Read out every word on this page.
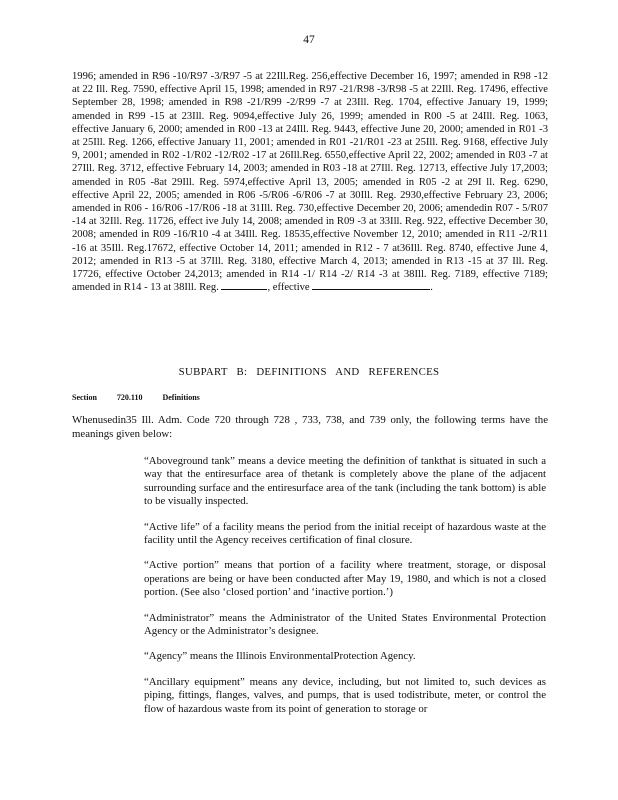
47
1996; amended in R96 -10/R97 -3/R97 -5 at 22Ill.Reg. 256,effective December 16, 1997; amended in R98 -12 at 22 Ill. Reg. 7590, effective April 15, 1998; amended in R97 -21/R98 -3/R98 -5 at 22Ill. Reg. 17496, effective September 28, 1998; amended in R98 -21/R99 -2/R99 -7 at 23Ill. Reg. 1704, effective January 19, 1999; amended in R99 -15 at 23Ill. Reg. 9094,effective July 26, 1999; amended in R00 -5 at 24Ill. Reg. 1063, effective January 6, 2000; amended in R00 -13 at 24Ill. Reg. 9443, effective June 20, 2000; amended in R01 -3 at 25Ill. Reg. 1266, effective January 11, 2001; amended in R01 -21/R01 -23 at 25Ill. Reg. 9168, effective July 9, 2001; amended in R02 -1/R02 -12/R02 -17 at 26Ill.Reg. 6550,effective April 22, 2002; amended in R03 -7 at 27Ill. Reg. 3712, effective February 14, 2003; amended in R03 -18 at 27Ill. Reg. 12713, effective July 17,2003; amended in R05 -8at 29Ill. Reg. 5974,effective April 13, 2005; amended in R05 -2 at 29I ll. Reg. 6290, effective April 22, 2005; amended in R06 -5/R06 -6/R06 -7 at 30Ill. Reg. 2930,effective February 23, 2006; amended in R06 - 16/R06 -17/R06 -18 at 31Ill. Reg. 730,effective December 20, 2006; amendedin R07 - 5/R07 -14 at 32Ill. Reg. 11726, effect ive July 14, 2008; amended in R09 -3 at 33Ill. Reg. 922, effective December 30, 2008; amended in R09 -16/R10 -4 at 34Ill. Reg. 18535,effective November 12, 2010; amended in R11 -2/R11 -16 at 35Ill. Reg.17672, effective October 14, 2011; amended in R12 - 7 at36Ill. Reg. 8740, effective June 4, 2012; amended in R13 -5 at 37Ill. Reg. 3180, effective March 4, 2013; amended in R13 -15 at 37 Ill. Reg. 17726, effective October 24,2013; amended in R14 -1/ R14 -2/ R14 -3 at 38Ill. Reg. 7189, effective 7189; amended in R14 - 13 at 38Ill. Reg.	, effective	.
SUBPART B: DEFINITIONS AND REFERENCES
Section	720.110	Definitions
Whenusedin35 Ill. Adm. Code 720 through 728 , 733, 738, and 739 only, the following terms have the meanings given below:

“Aboveground tank” means a device meeting the definition of tankthat is situated in such a way that the entiresurface area of thetank is completely above the plane of the adjacent surrounding surface and the entiresurface area of the tank (including the tank bottom) is able to be visually inspected.

“Active life” of a facility means the period from the initial receipt of hazardous waste at the facility until the Agency receives certification of final closure.

“Active portion” means that portion of a facility where treatment, storage, or disposal operations are being or have been conducted after May 19, 1980, and which is not a closed portion. (See also ‘closed portion’ and ‘inactive portion.’)

“Administrator” means the Administrator of the United States Environmental Protection Agency or the Administrator’s designee.

“Agency” means the Illinois EnvironmentalProtection Agency.

“Ancillary equipment” means any device, including, but not limited to, such devices as piping, fittings, flanges, valves, and pumps, that is used todistribute, meter, or control the flow of hazardous waste from its point of generation to storage or
